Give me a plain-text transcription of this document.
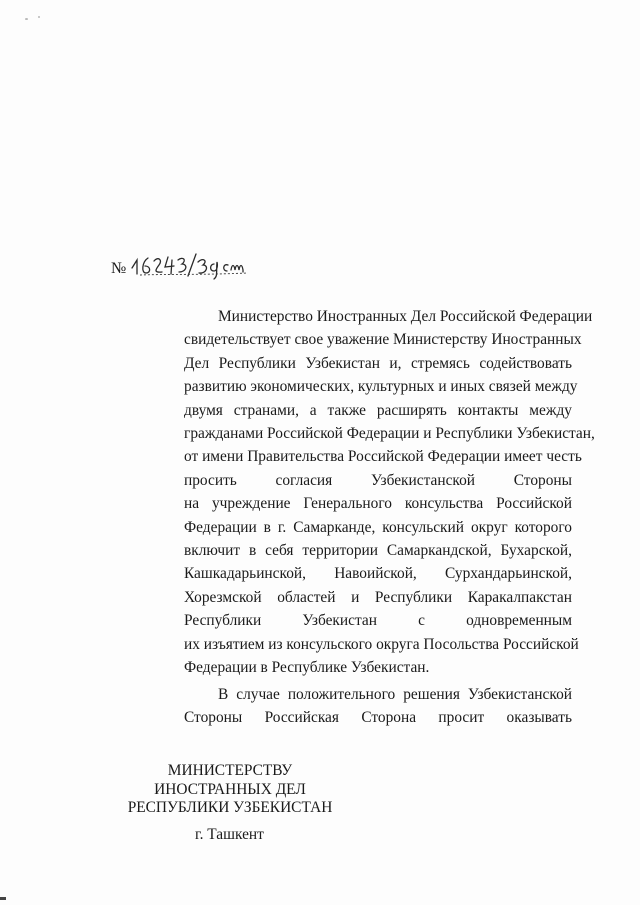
№

Министерство Иностранных Дел Российской Федерации
свидетельствует свое уважение Министерству Иностранных
Дел Республики Узбекистан и, стремясь содействовать
развитию экономических, культурных и иных связей между
двумя странами, а также расширять контакты между
гражданами Российской Федерации и Республики Узбекистан,
от имени Правительства Российской Федерации имеет честь
просить согласия Узбекистанской Стороны
на учреждение Генерального консульства Российской
Федерации в г. Самарканде, консульский округ которого
включит в себя территории Самаркандской, Бухарской,
Кашкадарьинской, Навоийской, Сурхандарьинской,
Хорезмской областей и Республики Каракалпакстан
Республики Узбекистан с одновременным
их изъятием из консульского округа Посольства Российской
Федерации в Республике Узбекистан.

В случае положительного решения Узбекистанской
Стороны Российская Сторона просит оказывать

МИНИСТЕРСТВУ
ИНОСТРАННЫХ ДЕЛ
РЕСПУБЛИКИ УЗБЕКИСТАН
г. Ташкент
